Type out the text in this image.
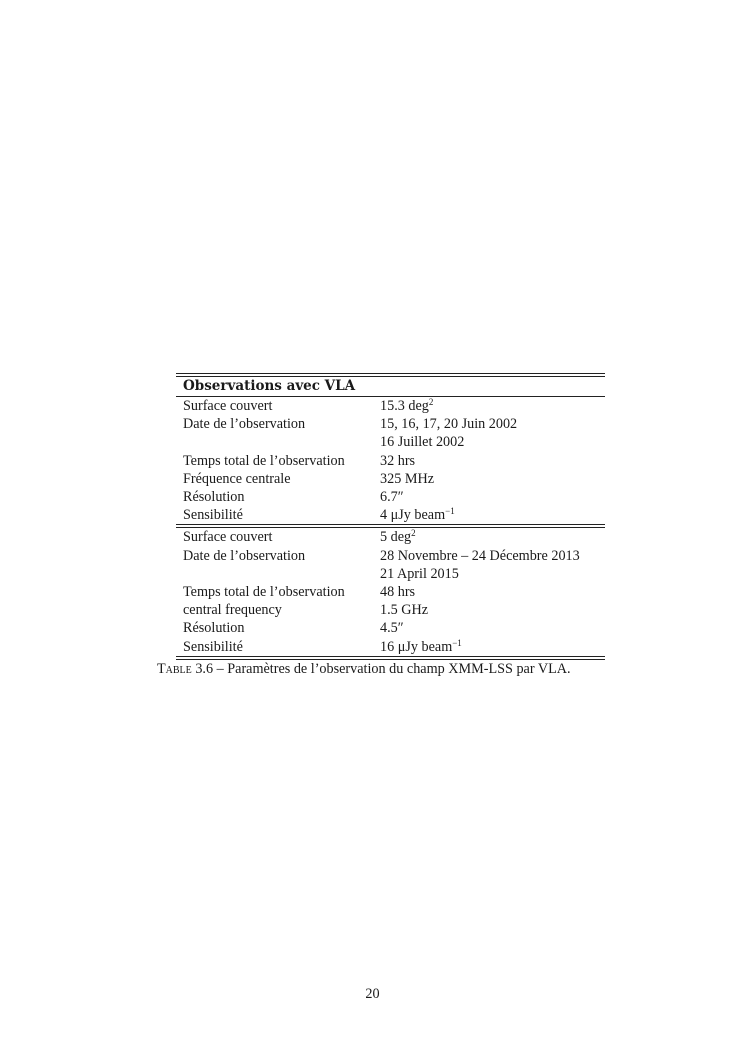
Observations avec VLA
Surface couvert	15.3 deg$^2$
Date de l’observation	15, 16, 17, 20 Juin 2002
	16 Juillet 2002
Temps total de l’observation	32 hrs
Fréquence centrale	325 MHz
Résolution	6.7″
Sensibilité	4 μJy beam$^{-1}$
Surface couvert	5 deg$^2$
Date de l’observation	28 Novembre – 24 Décembre 2013
	21 April 2015
Temps total de l’observation	48 hrs
central frequency	1.5 GHz
Résolution	4.5″
Sensibilité	16 μJy beam$^{-1}$
Table 3.6 – Paramètres de l’observation du champ XMM-LSS par VLA.
20
